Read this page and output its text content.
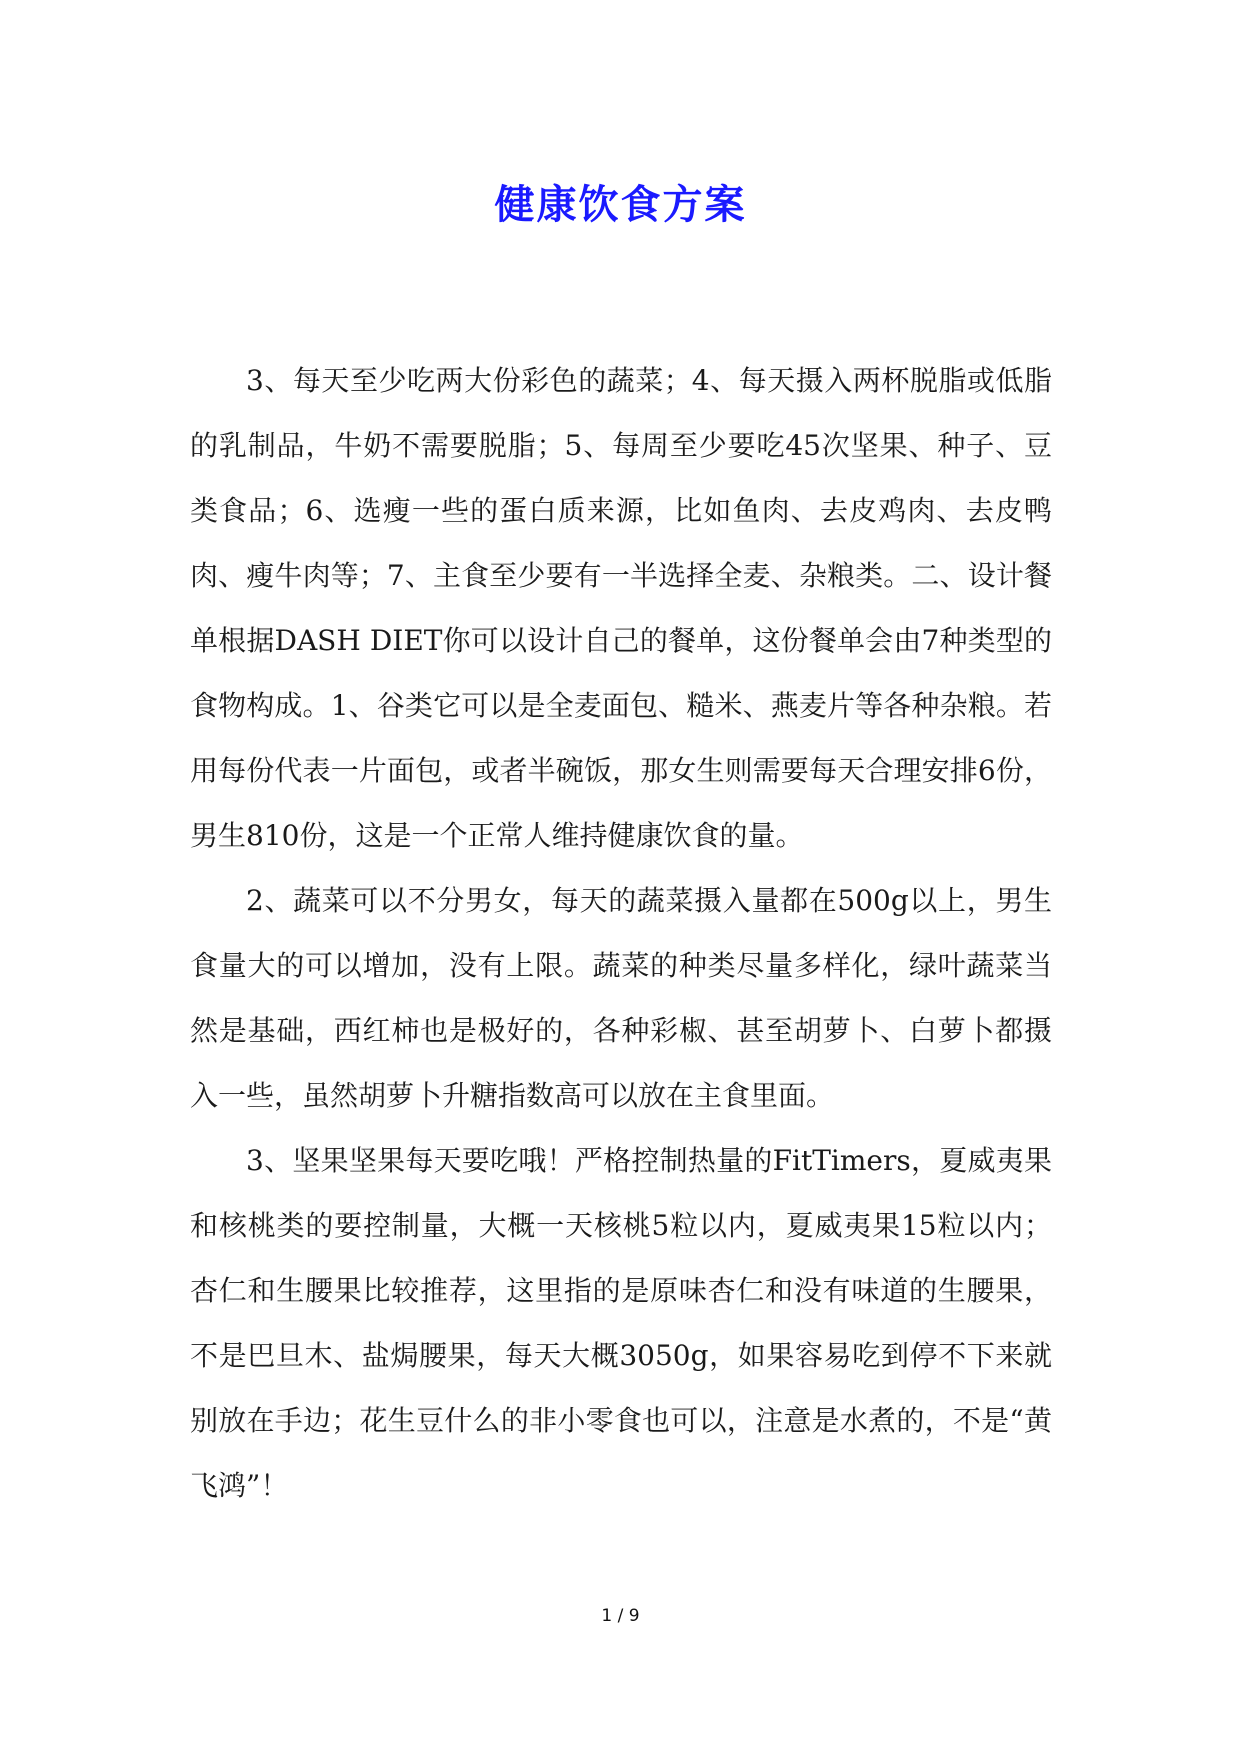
健康饮食方案

3、每天至少吃两大份彩色的蔬菜；4、每天摄入两杯脱脂或低脂的乳制品，牛奶不需要脱脂；5、每周至少要吃45次坚果、种子、豆类食品；6、选瘦一些的蛋白质来源，比如鱼肉、去皮鸡肉、去皮鸭肉、瘦牛肉等；7、主食至少要有一半选择全麦、杂粮类。二、设计餐单根据DASH DIET你可以设计自己的餐单，这份餐单会由7种类型的食物构成。1、谷类它可以是全麦面包、糙米、燕麦片等各种杂粮。若用每份代表一片面包，或者半碗饭，那女生则需要每天合理安排6份，男生810份，这是一个正常人维持健康饮食的量。

2、蔬菜可以不分男女，每天的蔬菜摄入量都在500g以上，男生食量大的可以增加，没有上限。蔬菜的种类尽量多样化，绿叶蔬菜当然是基础，西红柿也是极好的，各种彩椒、甚至胡萝卜、白萝卜都摄入一些，虽然胡萝卜升糖指数高可以放在主食里面。

3、坚果坚果每天要吃哦！严格控制热量的FitTimers，夏威夷果和核桃类的要控制量，大概一天核桃5粒以内，夏威夷果15粒以内；杏仁和生腰果比较推荐，这里指的是原味杏仁和没有味道的生腰果，不是巴旦木、盐焗腰果，每天大概3050g，如果容易吃到停不下来就别放在手边；花生豆什么的非小零食也可以，注意是水煮的，不是“黄飞鸿”！

1 / 9
